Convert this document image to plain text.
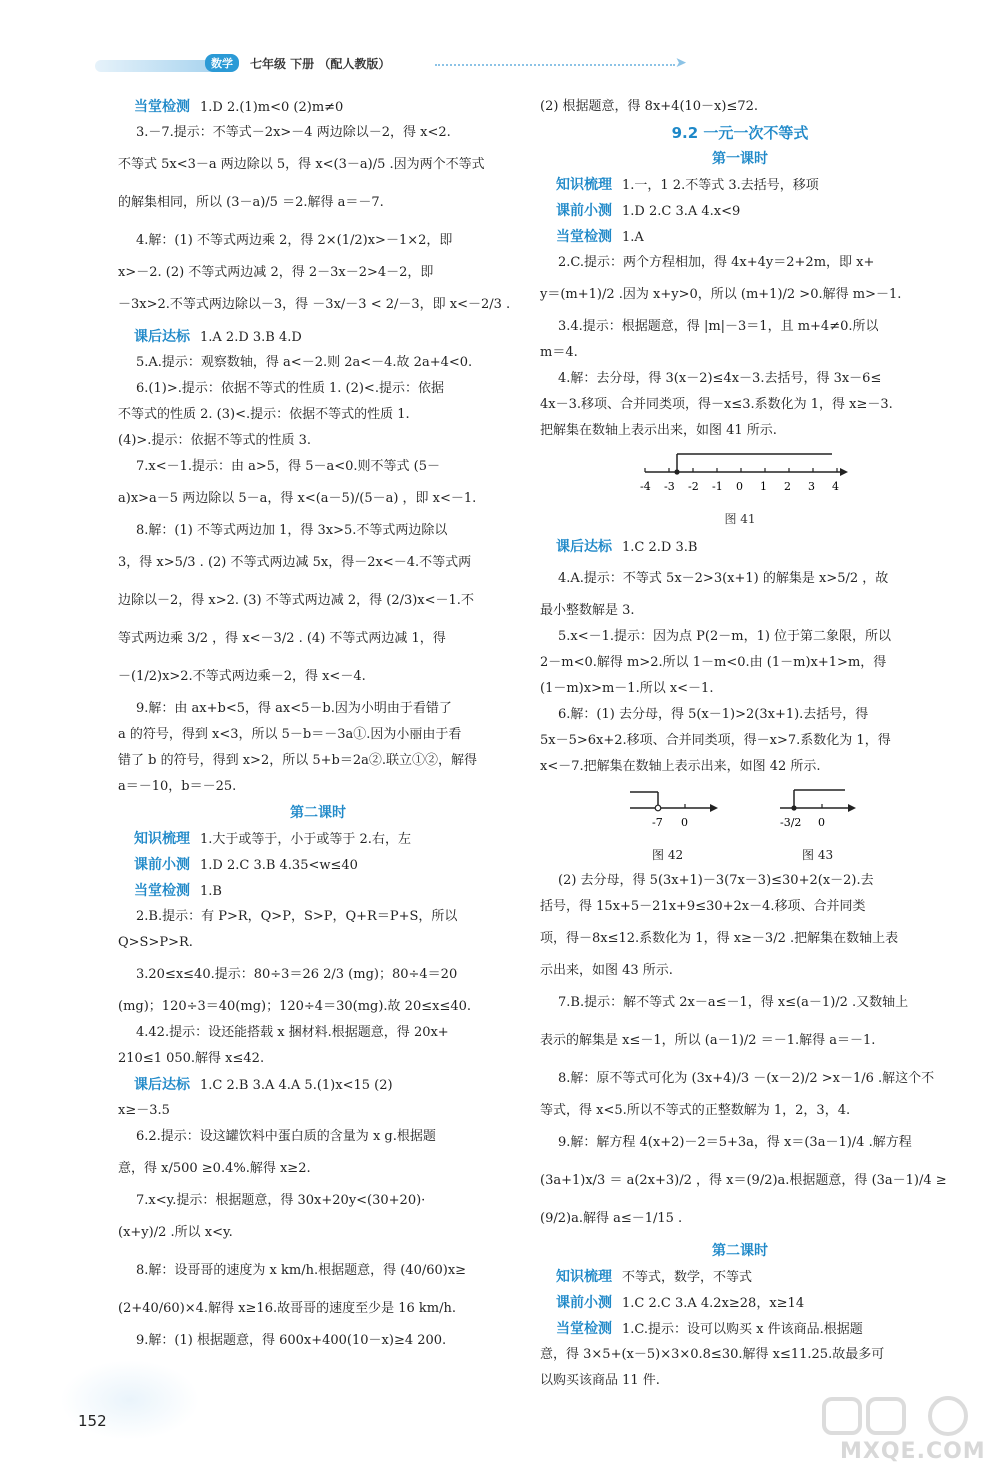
数学	七年级 下册 （配人教版）	➤
当堂检测 1.D 2.(1)m<0 (2)m≠0
3.－7.提示：不等式－2x>－4 两边除以－2，得 x<2.
不等式 5x<3－a 两边除以 5，得 x<(3－a)/5 .因为两个不等式
的解集相同，所以 (3－a)/5 ＝2.解得 a＝－7.
4.解：(1) 不等式两边乘 2，得 2×(1/2)x>－1×2，即
x>－2. (2) 不等式两边减 2，得 2－3x－2>4－2，即
－3x>2.不等式两边除以－3，得 －3x/－3 < 2/－3，即 x<－2/3 .
课后达标 1.A 2.D 3.B 4.D
5.A.提示：观察数轴，得 a<－2.则 2a<－4.故 2a+4<0.
6.(1)>.提示：依据不等式的性质 1. (2)<.提示：依据
不等式的性质 2. (3)<.提示：依据不等式的性质 1.
(4)>.提示：依据不等式的性质 3.
7.x<－1.提示：由 a>5，得 5－a<0.则不等式 (5－
a)x>a－5 两边除以 5－a，得 x<(a－5)/(5－a) ，即 x<－1.
8.解：(1) 不等式两边加 1，得 3x>5.不等式两边除以
3，得 x>5/3 . (2) 不等式两边减 5x，得－2x<－4.不等式两
边除以－2，得 x>2. (3) 不等式两边减 2，得 (2/3)x<－1.不
等式两边乘 3/2 ，得 x<－3/2 . (4) 不等式两边减 1，得
－(1/2)x>2.不等式两边乘－2，得 x<－4.
9.解：由 ax+b<5，得 ax<5－b.因为小明由于看错了
a 的符号，得到 x<3，所以 5－b＝－3a①.因为小丽由于看
错了 b 的符号，得到 x>2，所以 5+b＝2a②.联立①②，解得
a＝－10，b＝－25.
第二课时
知识梳理 1.大于或等于，小于或等于 2.右，左
课前小测 1.D 2.C 3.B 4.35<w≤40
当堂检测 1.B
2.B.提示：有 P>R，Q>P，S>P，Q+R＝P+S，所以
Q>S>P>R.
3.20≤x≤40.提示：80÷3＝26 2/3 (mg)；80÷4＝20
(mg)；120÷3＝40(mg)；120÷4＝30(mg).故 20≤x≤40.
4.42.提示：设还能搭载 x 捆材料.根据题意，得 20x+
210≤1 050.解得 x≤42.
课后达标 1.C 2.B 3.A 4.A 5.(1)x<15 (2)
x≥－3.5
6.2.提示：设这罐饮料中蛋白质的含量为 x g.根据题
意，得 x/500 ≥0.4%.解得 x≥2.
7.x<y.提示：根据题意，得 30x+20y<(30+20)·
(x+y)/2 .所以 x<y.
8.解：设哥哥的速度为 x km/h.根据题意，得 (40/60)x≥
(2+40/60)×4.解得 x≥16.故哥哥的速度至少是 16 km/h.
9.解：(1) 根据题意，得 600x+400(10－x)≥4 200.
(2) 根据题意，得 8x+4(10－x)≤72.
9.2 一元一次不等式
第一课时
知识梳理 1.一，1 2.不等式 3.去括号，移项
课前小测 1.D 2.C 3.A 4.x<9
当堂检测 1.A
2.C.提示：两个方程相加，得 4x+4y＝2+2m，即 x+
y＝(m+1)/2 .因为 x+y>0，所以 (m+1)/2 >0.解得 m>－1.
3.4.提示：根据题意，得 |m|－3＝1，且 m+4≠0.所以
m＝4.
4.解：去分母，得 3(x－2)≤4x－3.去括号，得 3x－6≤
4x－3.移项、合并同类项，得－x≤3.系数化为 1，得 x≥－3.
把解集在数轴上表示出来，如图 41 所示.
-4 -3 -2 -1 0 1 2 3 4
图 41
课后达标 1.C 2.D 3.B
4.A.提示：不等式 5x－2>3(x+1) 的解集是 x>5/2 ，故
最小整数解是 3.
5.x<－1.提示：因为点 P(2－m，1) 位于第二象限，所以
2－m<0.解得 m>2.所以 1－m<0.由 (1－m)x+1>m，得
(1－m)x>m－1.所以 x<－1.
6.解：(1) 去分母，得 5(x－1)>2(3x+1).去括号，得
5x－5>6x+2.移项、合并同类项，得－x>7.系数化为 1，得
x<－7.把解集在数轴上表示出来，如图 42 所示.
-7 0	-3/2 0
图 42	图 43
(2) 去分母，得 5(3x+1)－3(7x－3)≤30+2(x－2).去
括号，得 15x+5－21x+9≤30+2x－4.移项、合并同类
项，得－8x≤12.系数化为 1，得 x≥－3/2 .把解集在数轴上表
示出来，如图 43 所示.
7.B.提示：解不等式 2x－a≤－1，得 x≤(a－1)/2 .又数轴上
表示的解集是 x≤－1，所以 (a－1)/2 ＝－1.解得 a＝－1.
8.解：原不等式可化为 (3x+4)/3 －(x－2)/2 >x－1/6 .解这个不
等式，得 x<5.所以不等式的正整数解为 1，2，3，4.
9.解：解方程 4(x+2)－2＝5+3a，得 x＝(3a－1)/4 .解方程
(3a+1)x/3 ＝ a(2x+3)/2 ，得 x＝(9/2)a.根据题意，得 (3a－1)/4 ≥
(9/2)a.解得 a≤－1/15 .
第二课时
知识梳理 不等式，数学，不等式
课前小测 1.C 2.C 3.A 4.2x≥28，x≥14
当堂检测 1.C.提示：设可以购买 x 件该商品.根据题
意，得 3×5+(x－5)×3×0.8≤30.解得 x≤11.25.故最多可
以购买该商品 11 件.
152
MXQE.COM
